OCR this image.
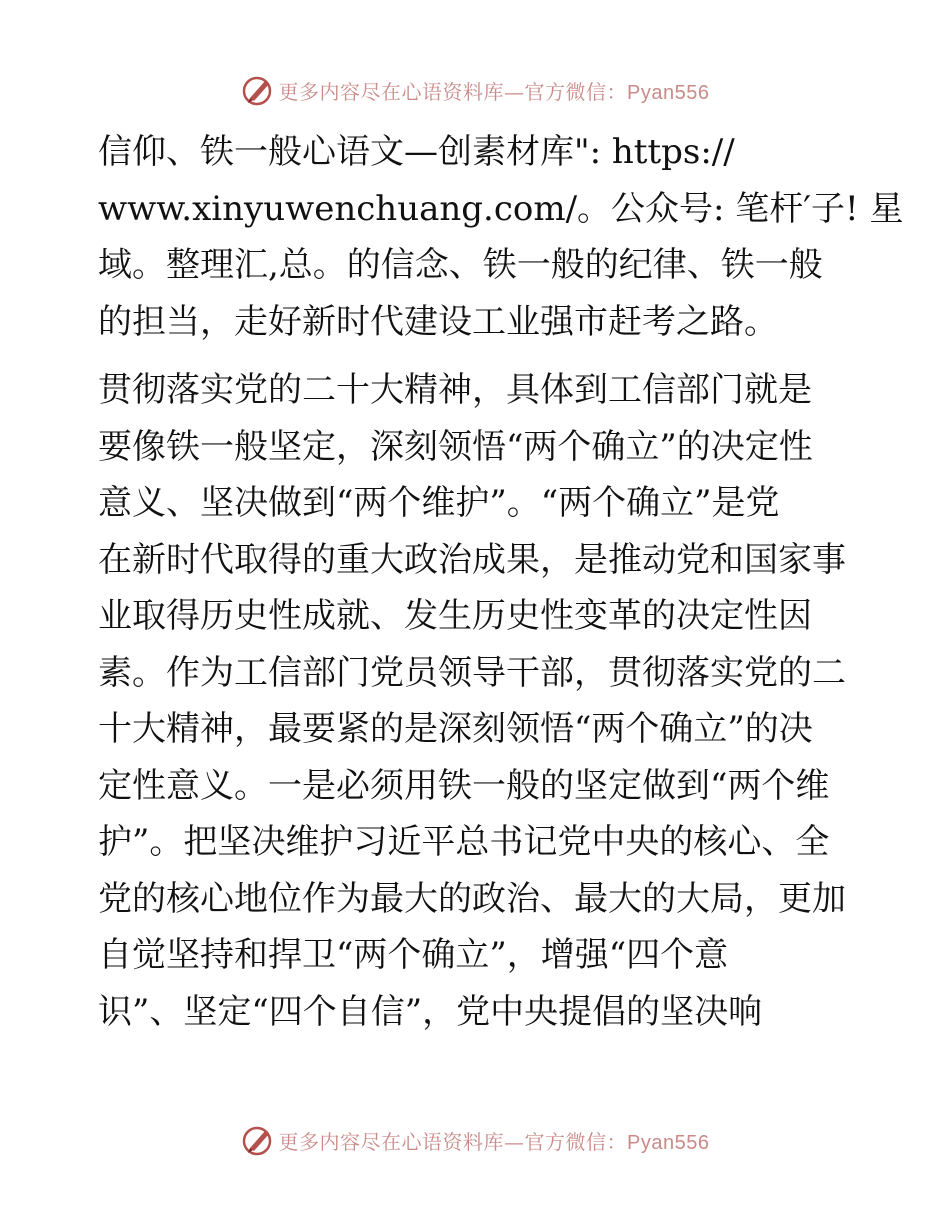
更多内容尽在心语资料库—官方微信：Pyan556
信仰、铁一般心语文—创素材库": https://
www.xinyuwenchuang.com/。公众号: 笔杆′子! 星
域。整理汇,总。的信念、铁一般的纪律、铁一般
的担当，走好新时代建设工业强市赶考之路。
贯彻落实党的二十大精神，具体到工信部门就是
要像铁一般坚定，深刻领悟“两个确立”的决定性
意义、坚决做到“两个维护”。“两个确立”是党
在新时代取得的重大政治成果，是推动党和国家事
业取得历史性成就、发生历史性变革的决定性因
素。作为工信部门党员领导干部，贯彻落实党的二
十大精神，最要紧的是深刻领悟“两个确立”的决
定性意义。一是必须用铁一般的坚定做到“两个维
护”。把坚决维护习近平总书记党中央的核心、全
党的核心地位作为最大的政治、最大的大局，更加
自觉坚持和捍卫“两个确立”，增强“四个意
识”、坚定“四个自信”，党中央提倡的坚决响
更多内容尽在心语资料库—官方微信：Pyan556
